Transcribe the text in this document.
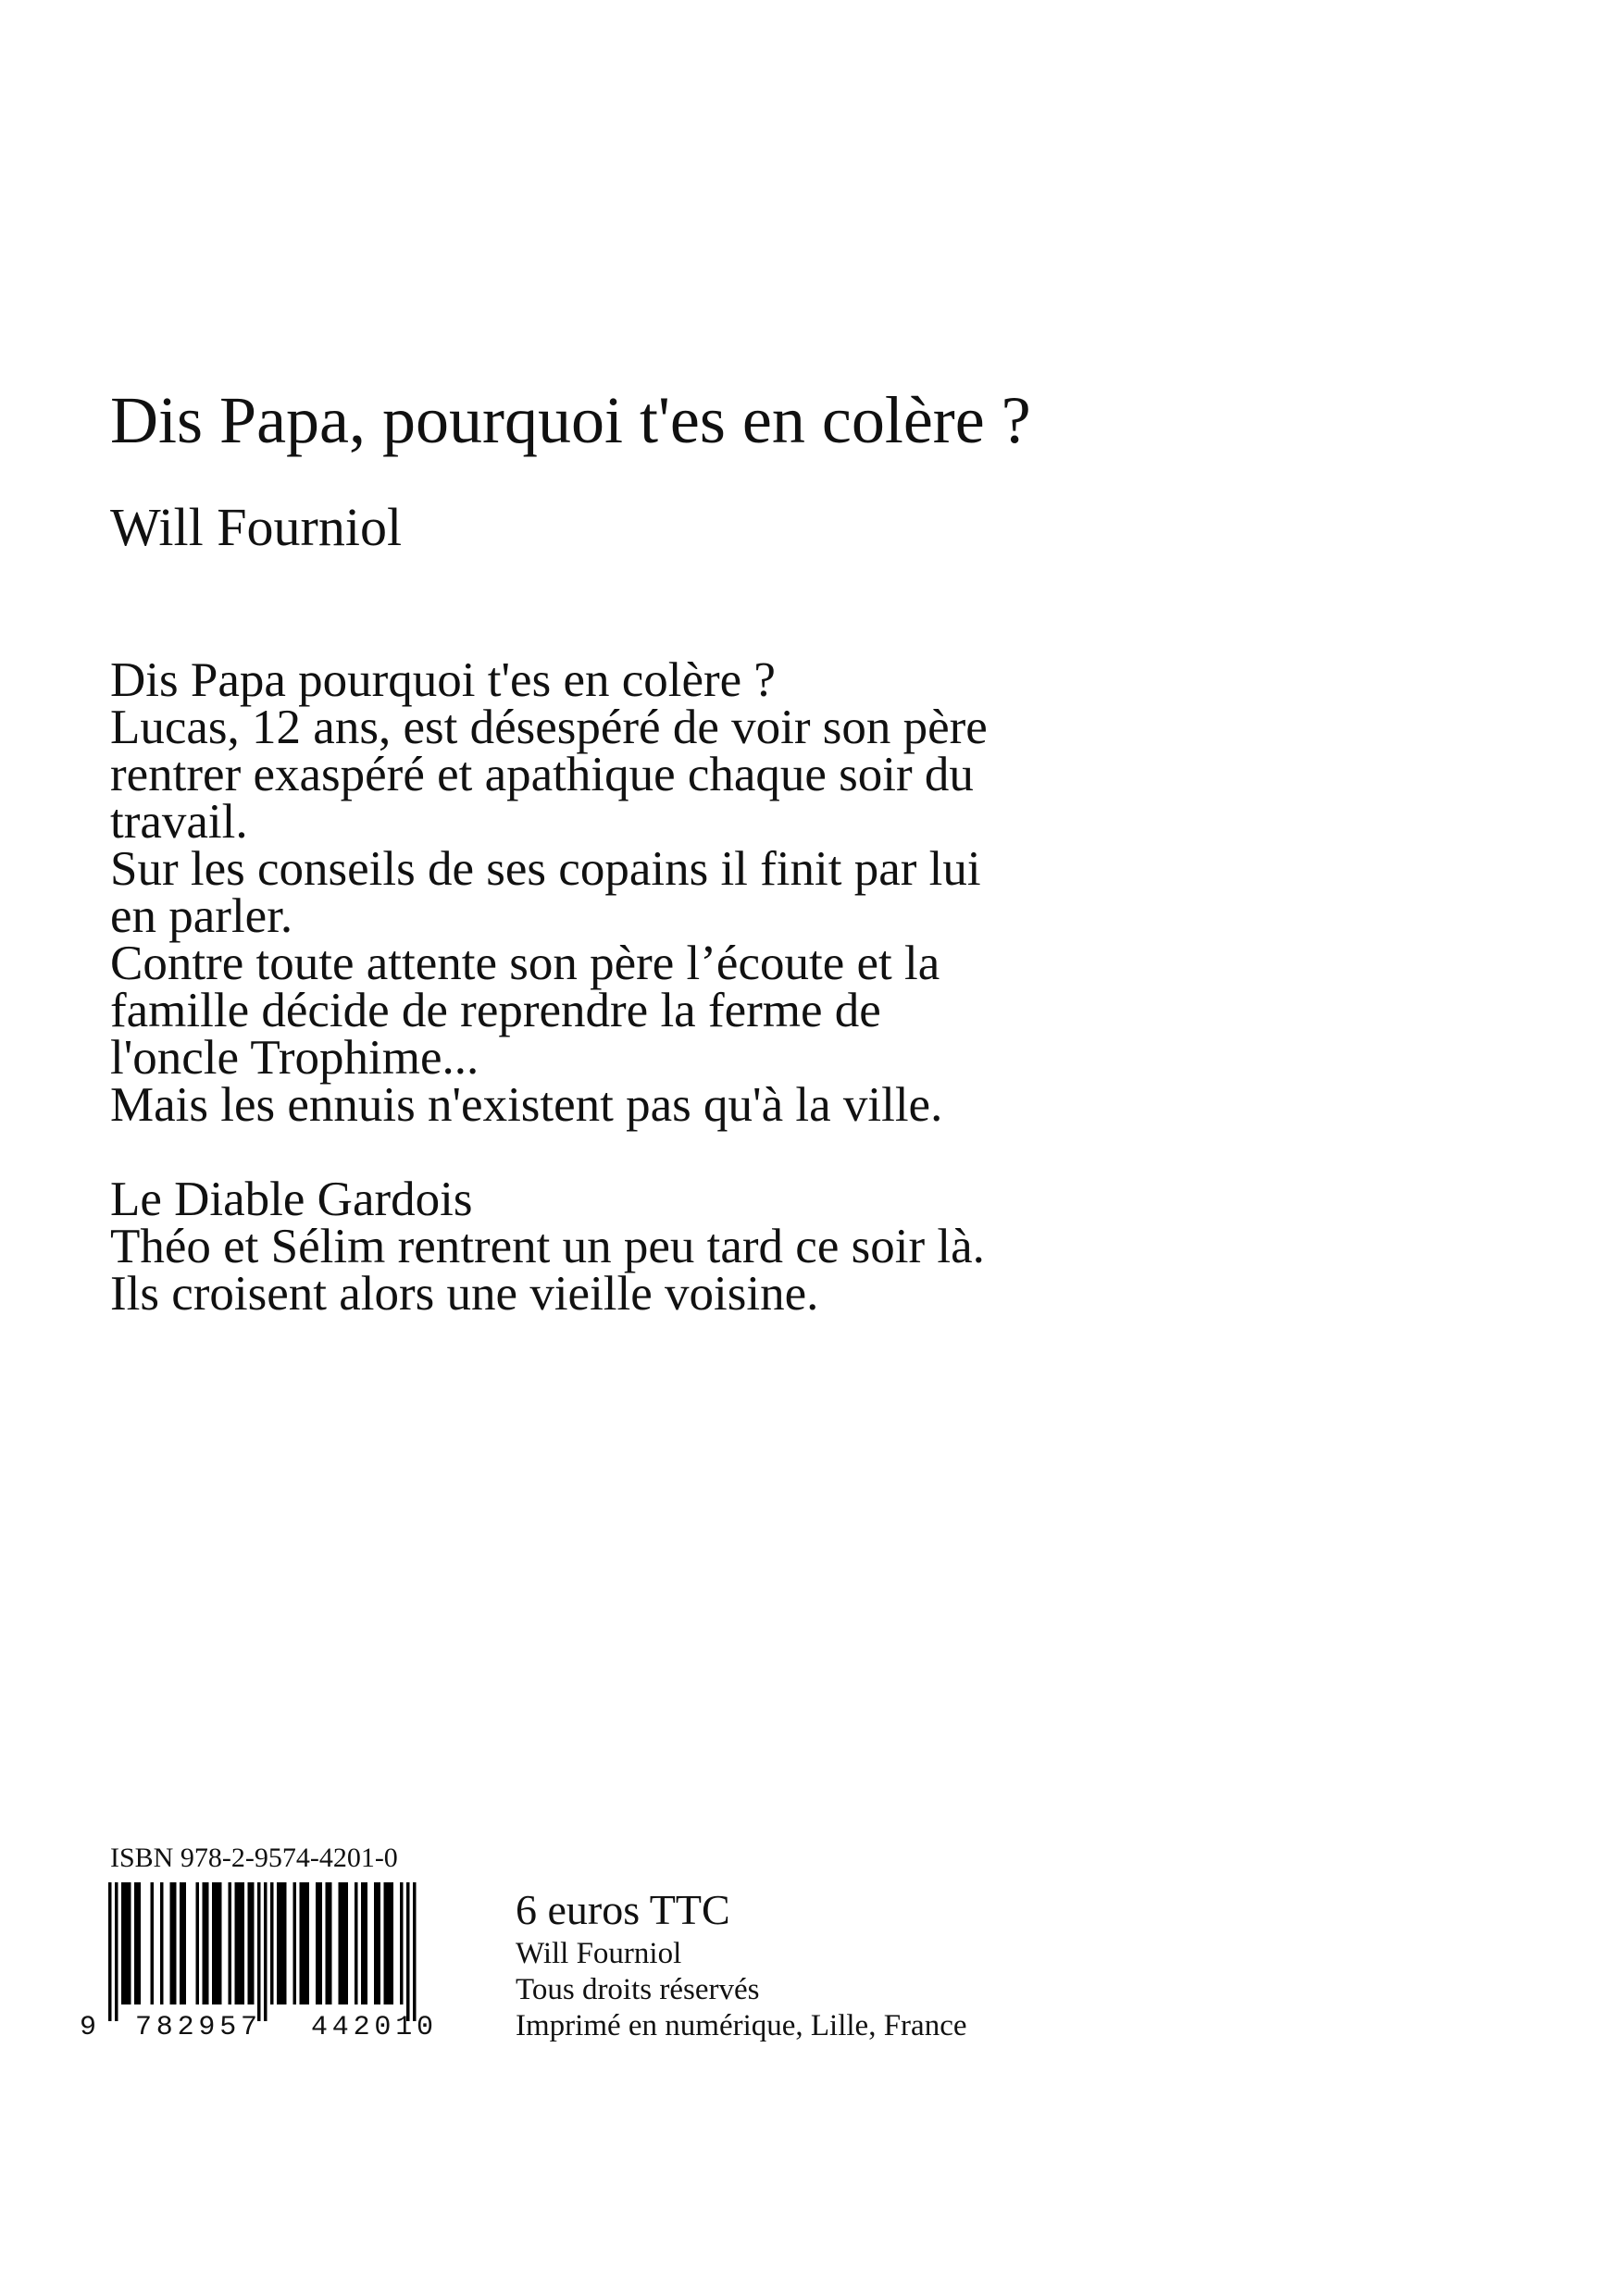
Dis Papa, pourquoi t'es en colère ?
Will Fourniol
Dis Papa pourquoi t'es en colère ?
Lucas, 12 ans, est désespéré de voir son père
rentrer exaspéré et apathique chaque soir du
travail.
Sur les conseils de ses copains il finit par lui
en parler.
Contre toute attente son père l’écoute et la
famille décide de reprendre la ferme de
l'oncle Trophime...
Mais les ennuis n'existent pas qu'à la ville.
Le Diable Gardois
Théo et Sélim rentrent un peu tard ce soir là.
Ils croisent alors une vieille voisine.
ISBN 978-2-9574-4201-0
9 782957 442010
6 euros TTC
Will Fourniol
Tous droits réservés
Imprimé en numérique, Lille, France
